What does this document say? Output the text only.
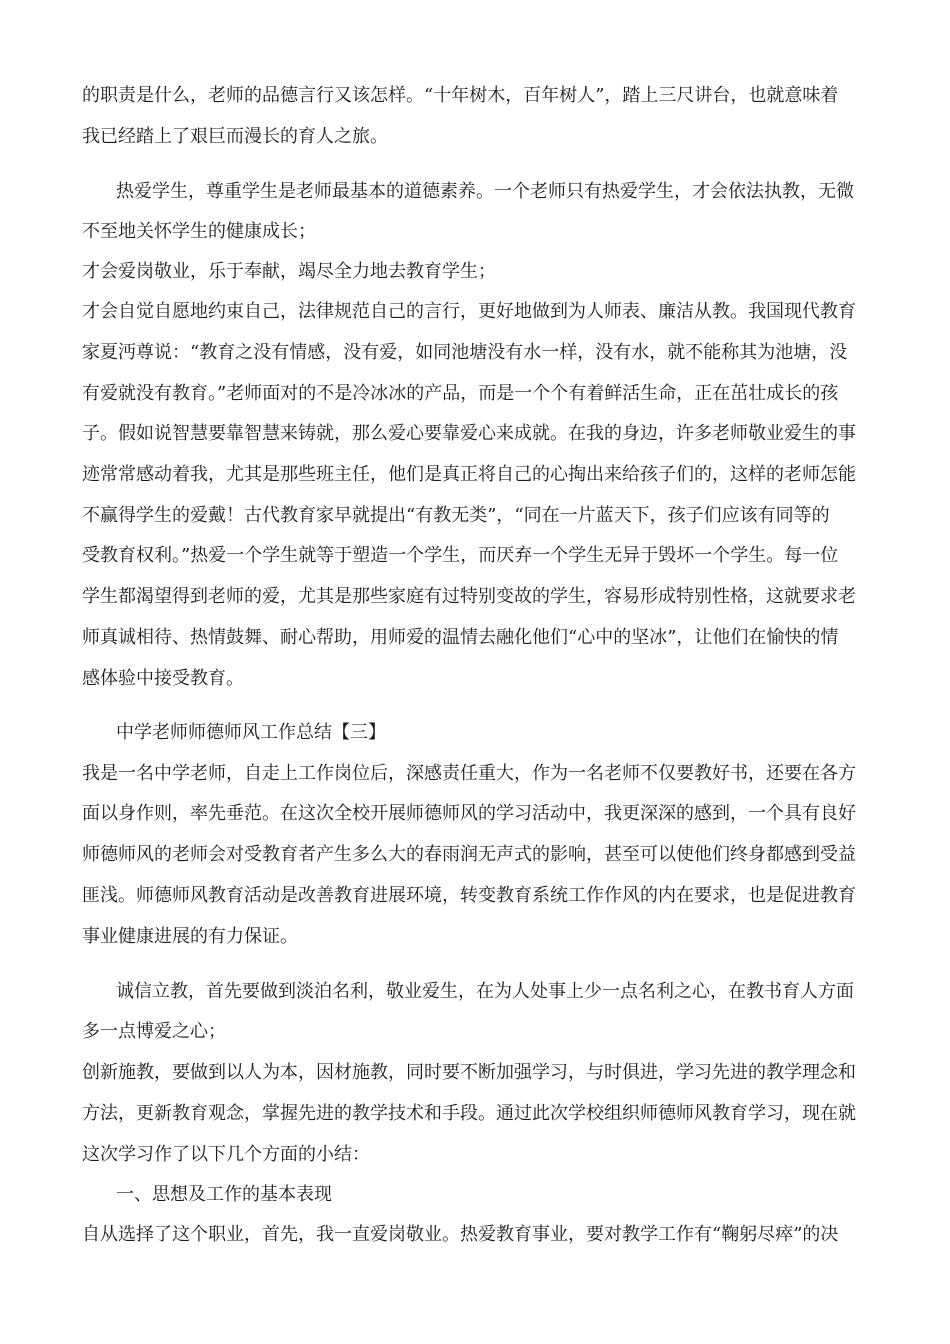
的职责是什么，老师的品德言行又该怎样。“十年树木，百年树人”，踏上三尺讲台，也就意味着
我已经踏上了艰巨而漫长的育人之旅。
热爱学生，尊重学生是老师最基本的道德素养。一个老师只有热爱学生，才会依法执教，无微
不至地关怀学生的健康成长；
才会爱岗敬业，乐于奉献，竭尽全力地去教育学生；
才会自觉自愿地约束自己，法律规范自己的言行，更好地做到为人师表、廉洁从教。我国现代教育
家夏沔尊说：“教育之没有情感，没有爱，如同池塘没有水一样，没有水，就不能称其为池塘，没
有爱就没有教育。”老师面对的不是冷冰冰的产品，而是一个个有着鲜活生命，正在茁壮成长的孩
子。假如说智慧要靠智慧来铸就，那么爱心要靠爱心来成就。在我的身边，许多老师敬业爱生的事
迹常常感动着我，尤其是那些班主任，他们是真正将自己的心掏出来给孩子们的，这样的老师怎能
不赢得学生的爱戴！古代教育家早就提出“有教无类”，“同在一片蓝天下，孩子们应该有同等的
受教育权利。”热爱一个学生就等于塑造一个学生，而厌弃一个学生无异于毁坏一个学生。每一位
学生都渴望得到老师的爱，尤其是那些家庭有过特别变故的学生，容易形成特别性格，这就要求老
师真诚相待、热情鼓舞、耐心帮助，用师爱的温情去融化他们“心中的坚冰”，让他们在愉快的情
感体验中接受教育。
中学老师师德师风工作总结【三】
我是一名中学老师，自走上工作岗位后，深感责任重大，作为一名老师不仅要教好书，还要在各方
面以身作则，率先垂范。在这次全校开展师德师风的学习活动中，我更深深的感到，一个具有良好
师德师风的老师会对受教育者产生多么大的春雨润无声式的影响，甚至可以使他们终身都感到受益
匪浅。师德师风教育活动是改善教育进展环境，转变教育系统工作作风的内在要求，也是促进教育
事业健康进展的有力保证。
诚信立教，首先要做到淡泊名利，敬业爱生，在为人处事上少一点名利之心，在教书育人方面
多一点博爱之心；
创新施教，要做到以人为本，因材施教，同时要不断加强学习，与时俱进，学习先进的教学理念和
方法，更新教育观念，掌握先进的教学技术和手段。通过此次学校组织师德师风教育学习，现在就
这次学习作了以下几个方面的小结：
一、思想及工作的基本表现
自从选择了这个职业，首先，我一直爱岗敬业。热爱教育事业，要对教学工作有“鞠躬尽瘁”的决
